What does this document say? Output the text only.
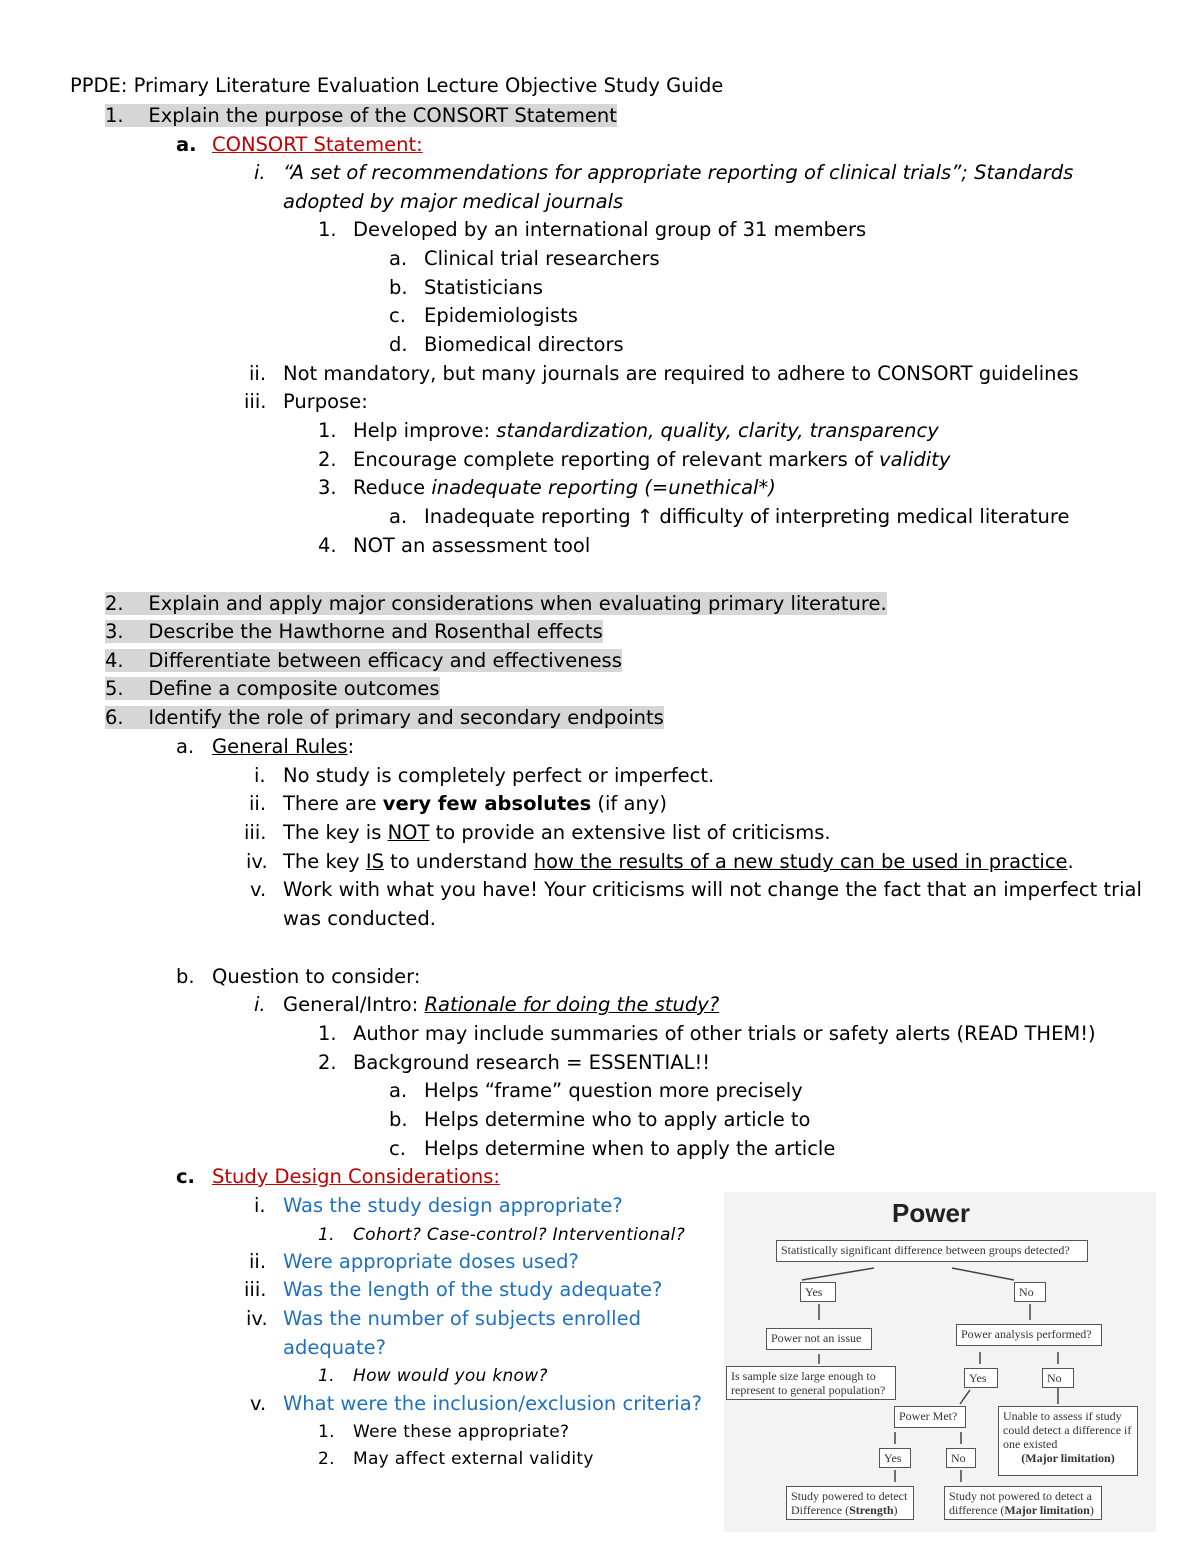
PPDE: Primary Literature Evaluation Lecture Objective Study Guide
1. Explain the purpose of the CONSORT Statement
a. CONSORT Statement:
i. “A set of recommendations for appropriate reporting of clinical trials”; Standards
adopted by major medical journals
1. Developed by an international group of 31 members
a. Clinical trial researchers
b. Statisticians
c. Epidemiologists
d. Biomedical directors
ii. Not mandatory, but many journals are required to adhere to CONSORT guidelines
iii. Purpose:
1. Help improve: standardization, quality, clarity, transparency
2. Encourage complete reporting of relevant markers of validity
3. Reduce inadequate reporting (=unethical*)
a. Inadequate reporting ↑ difficulty of interpreting medical literature
4. NOT an assessment tool
2. Explain and apply major considerations when evaluating primary literature.
3. Describe the Hawthorne and Rosenthal effects
4. Differentiate between efficacy and effectiveness
5. Define a composite outcomes
6. Identify the role of primary and secondary endpoints
a. General Rules:
i. No study is completely perfect or imperfect.
ii. There are very few absolutes (if any)
iii. The key is NOT to provide an extensive list of criticisms.
iv. The key IS to understand how the results of a new study can be used in practice.
v. Work with what you have! Your criticisms will not change the fact that an imperfect trial
was conducted.
b. Question to consider:
i. General/Intro: Rationale for doing the study?
1. Author may include summaries of other trials or safety alerts (READ THEM!)
2. Background research = ESSENTIAL!!
a. Helps “frame” question more precisely
b. Helps determine who to apply article to
c. Helps determine when to apply the article
c. Study Design Considerations:
i. Was the study design appropriate?
1. Cohort? Case-control? Interventional?
ii. Were appropriate doses used?
iii. Was the length of the study adequate?
iv. Was the number of subjects enrolled
adequate?
1. How would you know?
v. What were the inclusion/exclusion criteria?
1. Were these appropriate?
2. May affect external validity
Power
Statistically significant difference between groups detected?
Yes	No
Power not an issue	Power analysis performed?
Is sample size large enough to represent to general population?
Yes	No
Power Met?	Unable to assess if study could detect a difference if one existed
(Major limitation)
Yes	No
Study powered to detect Difference (Strength)
Study not powered to detect a difference (Major limitation)
